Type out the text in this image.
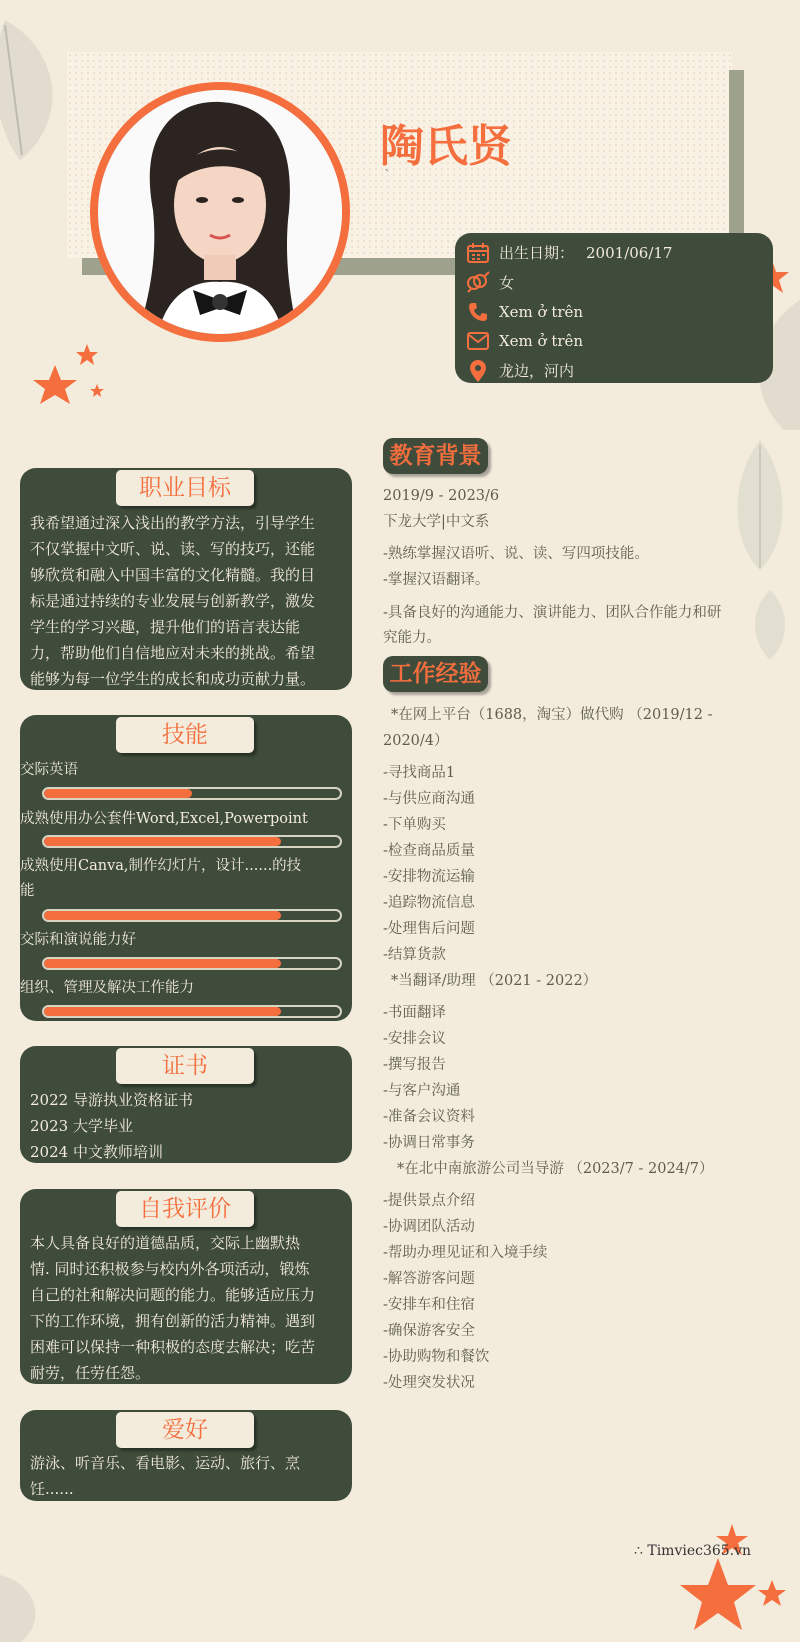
陶氏贤
`
出生日期： 2001/06/17
女
Xem ở trên
Xem ở trên
龙边，河内
职业目标
我希望通过深入浅出的教学方法，引导学生
不仅掌握中文听、说、读、写的技巧，还能
够欣赏和融入中国丰富的文化精髓。我的目
标是通过持续的专业发展与创新教学，激发
学生的学习兴趣，提升他们的语言表达能
力，帮助他们自信地应对未来的挑战。希望
能够为每一位学生的成长和成功贡献力量。
技能
交际英语
成熟使用办公套件Word,Excel,Powerpoint
成熟使用Canva,制作幻灯片，设计......的技
能
交际和演说能力好
组织、管理及解决工作能力
证书
2022 导游执业资格证书
2023 大学毕业
2024 中文教师培训
自我评价
本人具备良好的道德品质，交际上幽默热
情. 同时还积极参与校内外各项活动，锻炼
自己的社和解决问题的能力。能够适应压力
下的工作环境，拥有创新的活力精神。遇到
困难可以保持一种积极的态度去解决；吃苦
耐劳，任劳任怨。
爱好
游泳、听音乐、看电影、运动、旅行、烹
饪......
教育背景
2019/9 - 2023/6
下龙大学|中文系
-熟练掌握汉语听、说、读、写四项技能。
-掌握汉语翻译。
-具备良好的沟通能力、演讲能力、团队合作能力和研
究能力。
工作经验
*在网上平台（1688，淘宝）做代购 （2019/12 -
2020/4）
-寻找商品1
-与供应商沟通
-下单购买
-检查商品质量
-安排物流运输
-追踪物流信息
-处理售后问题
-结算货款
*当翻译/助理 （2021 - 2022）
-书面翻译
-安排会议
-撰写报告
-与客户沟通
-准备会议资料
-协调日常事务
*在北中南旅游公司当导游 （2023/7 - 2024/7）
-提供景点介绍
-协调团队活动
-帮助办理见证和入境手续
-解答游客问题
-安排车和住宿
-确保游客安全
-协助购物和餐饮
-处理突发状况
∴ Timviec365.vn
